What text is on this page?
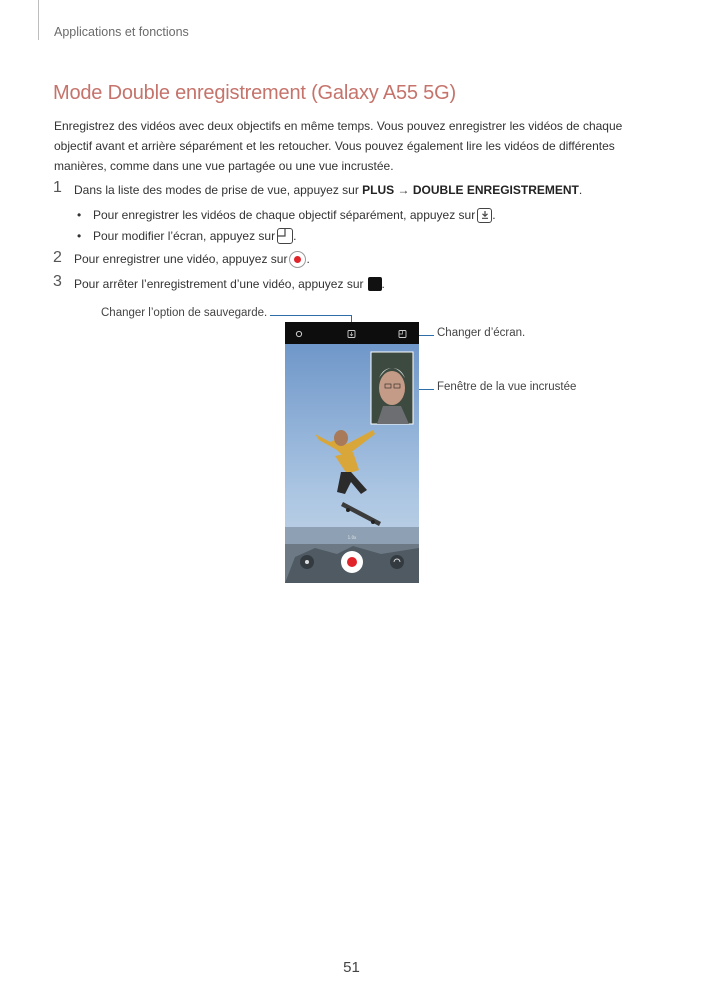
Applications et fonctions
Mode Double enregistrement (Galaxy A55 5G)

Enregistrez des vidéos avec deux objectifs en même temps. Vous pouvez enregistrer les vidéos de chaque objectif avant et arrière séparément et les retoucher. Vous pouvez également lire les vidéos de différentes manières, comme dans une vue partagée ou une vue incrustée.

1 Dans la liste des modes de prise de vue, appuyez sur PLUS → DOUBLE ENREGISTREMENT .
• Pour enregistrer les vidéos de chaque objectif séparément, appuyez sur .
• Pour modifier l’écran, appuyez sur .
2 Pour enregistrer une vidéo, appuyez sur .
3 Pour arrêter l’enregistrement d’une vidéo, appuyez sur .
Changer l’option de sauvegarde.
Changer d’écran.
Fenêtre de la vue incrustée
1.0x
51
